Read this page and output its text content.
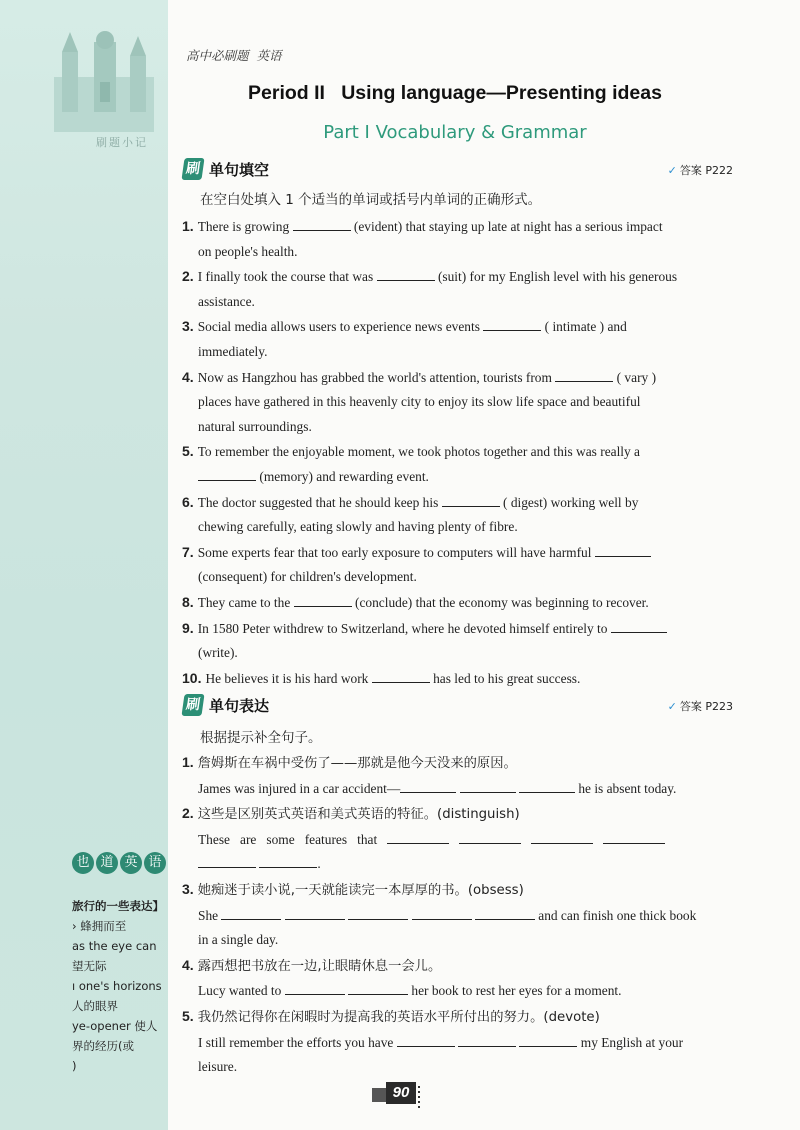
刷题小记
也 道 英 语
旅行的一些表达】
› 蜂拥而至
as the eye can
望无际
ı one's horizons
人的眼界
ye-opener 使人
界的经历(或
)
高中必刷题 英语
Period II   Using language—Presenting ideas
Part I Vocabulary & Grammar
刷 单句填空	✓ 答案 P222
在空白处填入 1 个适当的单词或括号内单词的正确形式。
1. There is growing	(evident) that staying up late at night has a serious impact
on people's health.
2. I finally took the course that was	(suit) for my English level with his generous
assistance.
3. Social media allows users to experience news events	( intimate ) and
immediately.
4. Now as Hangzhou has grabbed the world's attention, tourists from	( vary )
places have gathered in this heavenly city to enjoy its slow life space and beautiful
natural surroundings.
5. To remember the enjoyable moment, we took photos together and this was really a
(memory) and rewarding event.
6. The doctor suggested that he should keep his	( digest) working well by
chewing carefully, eating slowly and having plenty of fibre.
7. Some experts fear that too early exposure to computers will have harmful
(consequent) for children's development.
8. They came to the	(conclude) that the economy was beginning to recover.
9. In 1580 Peter withdrew to Switzerland, where he devoted himself entirely to
(write).
10. He believes it is his hard work	has led to his great success.
刷 单句表达	✓ 答案 P223
根据提示补全句子。
1. 詹姆斯在车祸中受伤了——那就是他今天没来的原因。
James was injured in a car accident—	he is absent today.
2. 这些是区别英式英语和美式英语的特征。(distinguish)
These   are   some   features   that
.
3. 她痴迷于读小说,一天就能读完一本厚厚的书。(obsess)
She	and can finish one thick book
in a single day.
4. 露西想把书放在一边,让眼睛休息一会儿。
Lucy wanted to	her book to rest her eyes for a moment.
5. 我仍然记得你在闲暇时为提高我的英语水平所付出的努力。(devote)
I still remember the efforts you have	my English at your
leisure.
90
